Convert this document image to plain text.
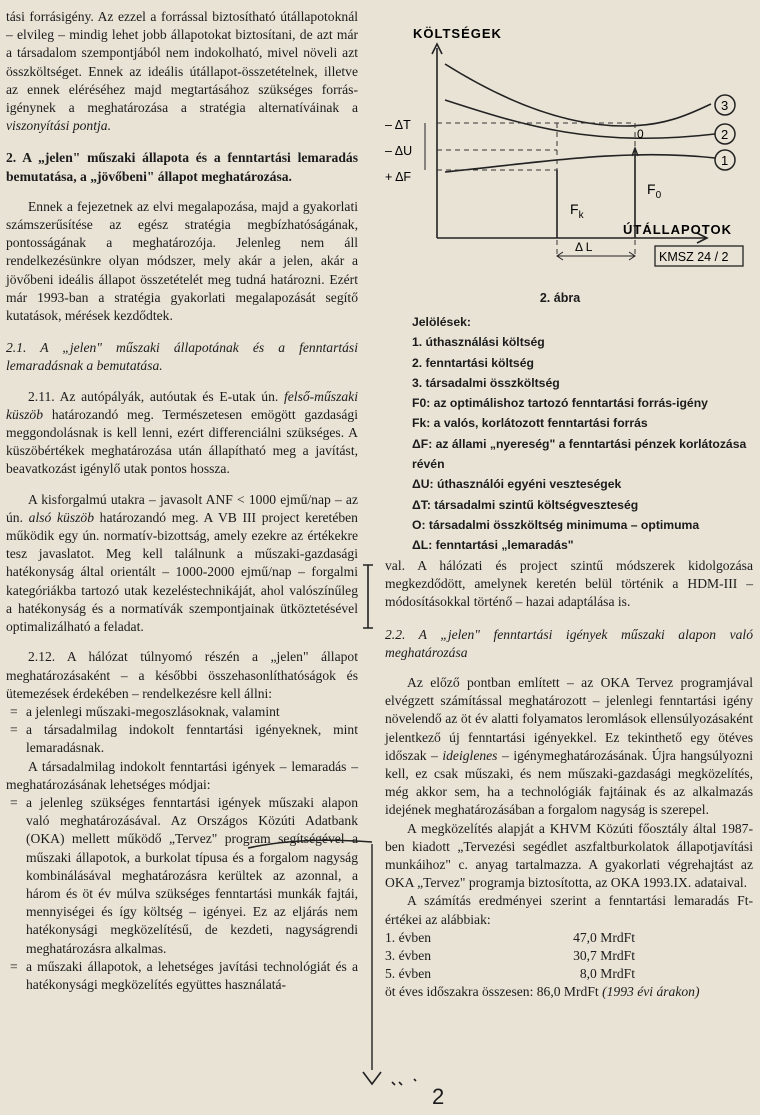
tási forrásigény. Az ezzel a forrással biztosítható útállapotoknál – elvileg – mindig lehet jobb állapotokat biztosítani, de azt már a társadalom szempontjából nem indokolható, mivel növeli azt összköltséget. Ennek az ideális útállapot-összetételnek, illetve az ennek eléréséhez majd megtartásához szükséges forrás-igénynek a meghatározása a stratégia alternatíváinak a viszonyítási pontja.

2. A „jelen" műszaki állapota és a fenntartási lemaradás bemutatása, a „jövőbeni" állapot meghatározása.

Ennek a fejezetnek az elvi megalapozása, majd a gyakorlati számszerűsítése az egész stratégia megbízhatóságának, pontosságának a meghatározója. Jelenleg nem áll rendelkezésünkre olyan módszer, mely akár a jelen, akár a jövőbeni ideális állapot összetételét meg tudná határozni. Ezért már 1993-ban a stratégia gyakorlati megalapozását segítő kutatások, mérések kezdődtek.

2.1. A „jelen" műszaki állapotának és a fenntartási lemaradásnak a bemutatása.

2.11. Az autópályák, autóutak és E-utak ún. felső-műszaki küszöb határozandó meg. Természetesen emögött gazdasági meggondolásnak is kell lenni, ezért differenciálni szükséges. A küszöbértékek meghatározása után állapítható meg a javítást, beavatkozást igénylő utak pontos hossza.

A kisforgalmú utakra – javasolt ANF < 1000 ejmű/nap – az ún. alsó küszöb határozandó meg. A VB III project keretében működik egy ún. normatív-bizottság, amely ezekre az értékekre tesz javaslatot. Meg kell találnunk a műszaki-gazdasági hatékonyság által orientált – 1000-2000 ejmű/nap – forgalmi kategóriákba tartozó utak kezeléstechnikáját, ahol valószínűleg a hatékonyság és a normatívák szempontjainak ütköztetésével optimalizálható a feladat.

2.12. A hálózat túlnyomó részén a „jelen" állapot meghatározásaként – a későbbi összehasonlíthatóságok és ütemezések érdekében – rendelkezésre kell állni:

= a jelenlegi műszaki-megoszlásoknak, valamint

= a társadalmilag indokolt fenntartási igényeknek, mint lemaradásnak.

A társadalmilag indokolt fenntartási igények – lemaradás – meghatározásának lehetséges módjai:

= a jelenleg szükséges fenntartási igények műszaki alapon való meghatározásával. Az Országos Közúti Adatbank (OKA) mellett működő „Tervez" program segítségével a műszaki állapotok, a burkolat típusa és a forgalom nagyság kombinálásával meghatározásra kerültek az azonnal, a három és öt év múlva szükséges fenntartási munkák fajtái, mennyiségei és így költség – igényei. Ez az eljárás nem hatékonysági megközelítésű, de kezdeti, nagyságrendi meghatározásra alkalmas.

= a műszaki állapotok, a lehetséges javítási technológiát és a hatékonysági megközelítés együttes használatá-

KÖLTSÉGEK
ÚTÁLLAPOTOK
3
2
1
– ΔT
– ΔU
+ ΔF
0
$F_k$
$F_0$
Δ L
KMSZ 24 / 2
2. ábra
Jelölések:
1. úthasználási költség
2. fenntartási költség
3. társadalmi összköltség
F0: az optimálishoz tartozó fenntartási forrás-igény
Fk: a valós, korlátozott fenntartási forrás
ΔF: az állami „nyereség" a fenntartási pénzek korlátozása révén
ΔU: úthasználói egyéni veszteségek
ΔT: társadalmi szintű költségveszteség
O: társadalmi összköltség minimuma – optimuma
ΔL: fenntartási „lemaradás"

val. A hálózati és project szintű módszerek kidolgozása megkezdődött, amelynek keretén belül történik a HDM-III – módosításokkal történő – hazai adaptálása is.

2.2. A „jelen" fenntartási igények műszaki alapon való meghatározása

Az előző pontban említett – az OKA Tervez programjával elvégzett számítással meghatározott – jelenlegi fenntartási igény növelendő az öt év alatti folyamatos leromlások ellensúlyozásaként jelentkező új fenntartási igényekkel. Ez tekinthető egy ötéves időszak – ideiglenes – igénymeghatározásának. Újra hangsúlyozni kell, ez csak műszaki, és nem műszaki-gazdasági megközelítés, még akkor sem, ha a technológiák fajtáinak és az alkalmazás idejének meghatározásában a forgalom nagyság is szerepel.

A megközelítés alapját a KHVM Közúti főosztály által 1987-ben kiadott „Tervezési segédlet aszfaltburkolatok állapotjavítási munkáihoz" c. anyag tartalmazza. A gyakorlati végrehajtást az OKA „Tervez" programja biztosította, az OKA 1993.IX. adataival.

A számítás eredményei szerint a fenntartási lemaradás Ft-értékei az alábbiak:

1. évben	47,0 MrdFt
3. évben	30,7 MrdFt
5. évben	8,0 MrdFt

öt éves időszakra összesen: 86,0 MrdFt (1993 évi árakon)

2
